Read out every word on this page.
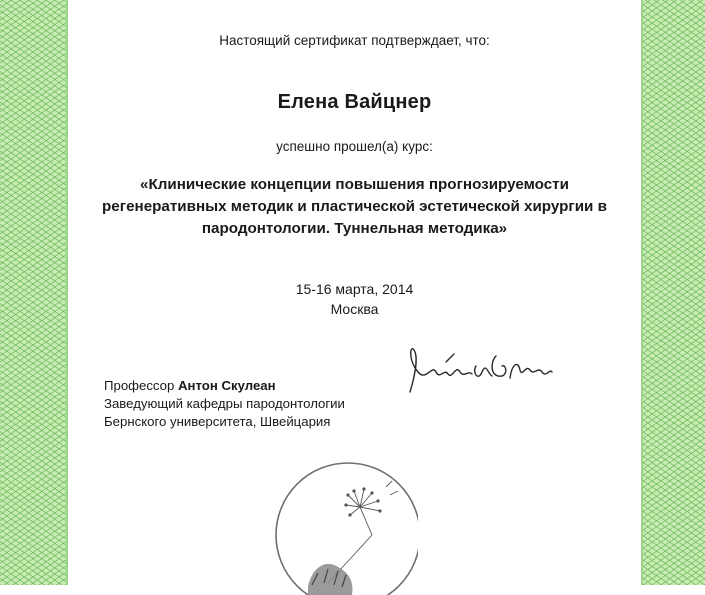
Настоящий сертификат подтверждает, что:
Елена Вайцнер
успешно прошел(а) курс:
«Клинические концепции повышения прогнозируемости
регенеративных методик и пластической эстетической хирургии в
пародонтологии. Туннельная методика»
15-16 марта, 2014
Москва
Профессор Антон Скулеан
Заведующий кафедры пародонтологии
Бернского университета, Швейцария
